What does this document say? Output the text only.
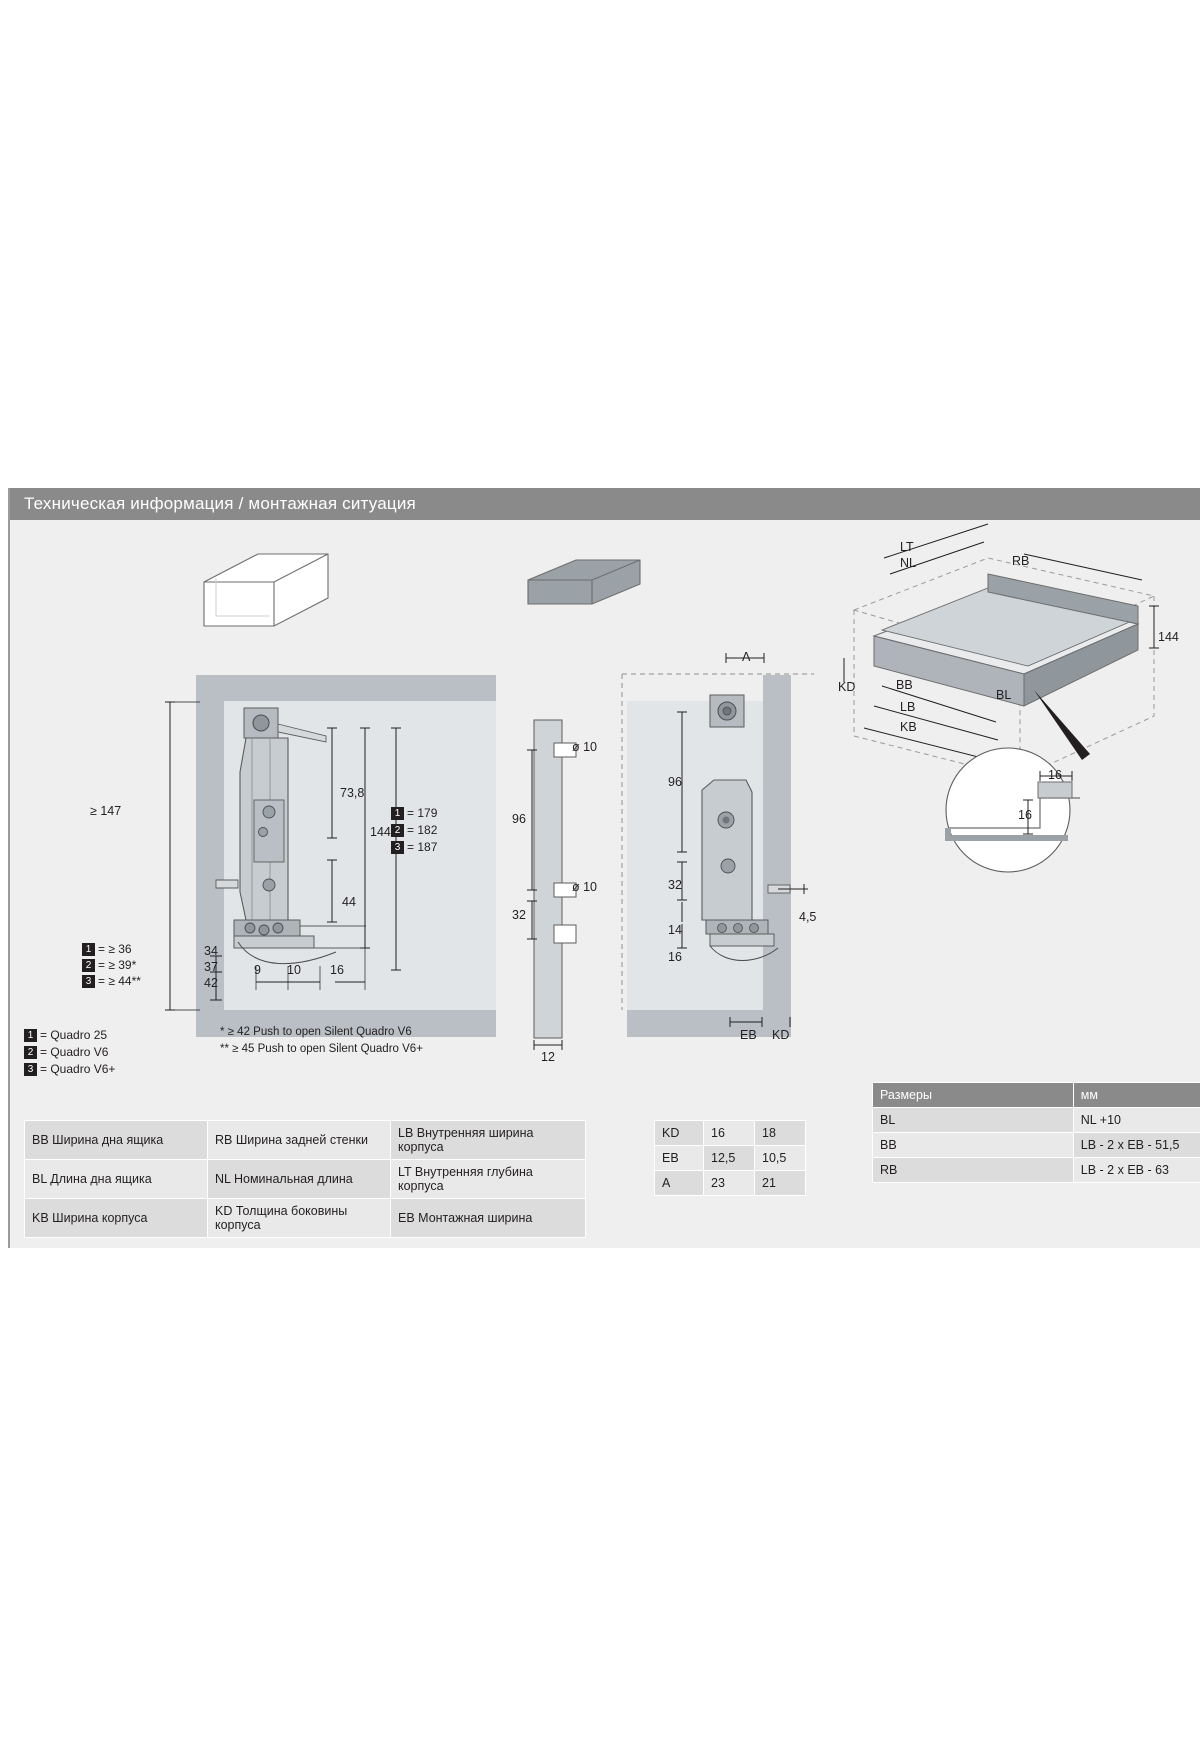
Техническая информация / монтажная ситуация
≥ 147
73,8
44
144
1 = 179
2 = 182
3 = 187
9 10 16
34
37
42
1 = ≥ 36
2 = ≥ 39*
3 = ≥ 44**
1 = Quadro 25
2 = Quadro V6
3 = Quadro V6+
* ≥ 42 Push to open Silent Quadro V6
** ≥ 45 Push to open Silent Quadro V6+
96
32
ø 10
ø 10
12
A
96
32
14
16
4,5
EB KD
LT
NL	RB
144
KD	BB
BL
LB
KB
16
16
BB Ширина дна ящика	RB Ширина задней стенки	LB Внутренняя ширина корпуса
BL Длина дна ящика	NL Номинальная длина	LT Внутренняя глубина корпуса
KB Ширина корпуса	KD Толщина боковины корпуса	EB Монтажная ширина
KD	16	18
EB	12,5	10,5
A	23	21
Размеры	мм
BL	NL +10
BB	LB - 2 x EB - 51,5
RB	LB - 2 x EB - 63
